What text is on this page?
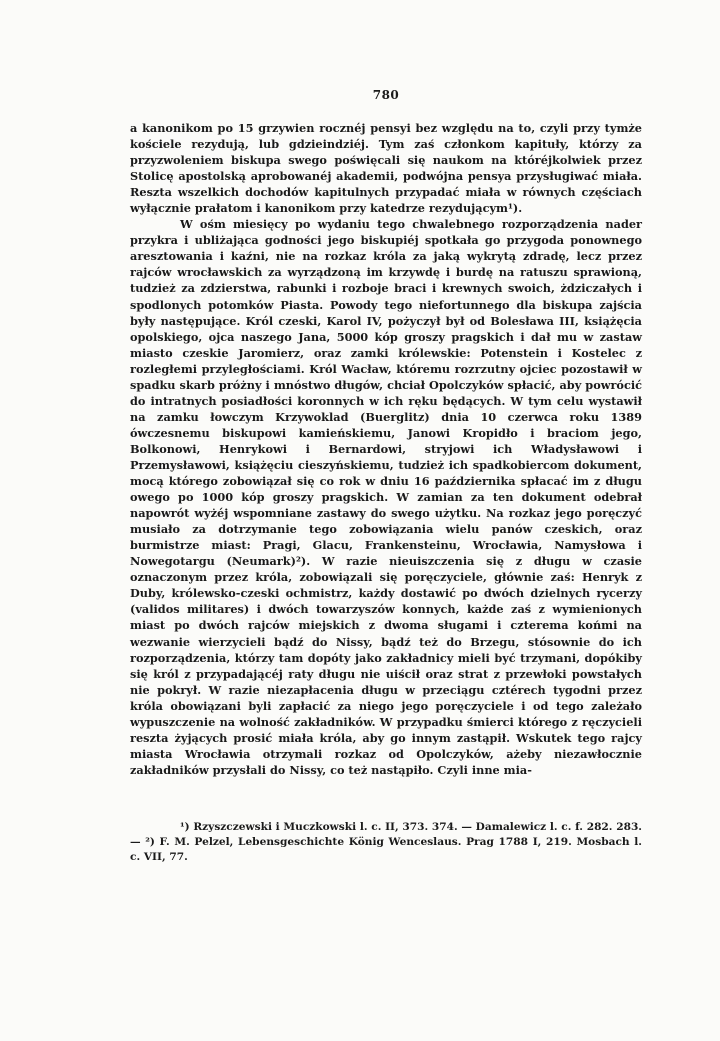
780

a kanonikom po 15 grzywien rocznéj pensyi bez względu na to, czyli przy tymże kościele rezydują, lub gdzieindziéj. Tym zaś członkom kapituły, którzy za przyzwoleniem biskupa swego poświęcali się naukom na któréjkolwiek przez Stolicę apostolską aprobowanéj akademii, podwójna pensya przysługiwać miała. Reszta wszelkich dochodów kapitulnych przypadać miała w równych częściach wyłącznie prałatom i kanonikom przy katedrze rezydującym¹).

W ośm miesięcy po wydaniu tego chwalebnego rozporządzenia nader przykra i ubliżająca godności jego biskupiéj spotkała go przygoda ponownego aresztowania i kaźni, nie na rozkaz króla za jaką wykrytą zdradę, lecz przez rajców wrocławskich za wyrządzoną im krzywdę i burdę na ratuszu sprawioną, tudzież za zdzierstwa, rabunki i rozboje braci i krewnych swoich, żdziczałych i spodlonych potomków Piasta. Powody tego niefortunnego dla biskupa zajścia były następujące. Król czeski, Karol IV, pożyczył był od Bolesława III, książęcia opolskiego, ojca naszego Jana, 5000 kóp groszy pragskich i dał mu w zastaw miasto czeskie Jaromierz, oraz zamki królewskie: Potenstein i Kostelec z rozległemi przyległościami. Król Wacław, któremu rozrzutny ojciec pozostawił w spadku skarb próżny i mnóstwo długów, chciał Opolczyków spłacić, aby powrócić do intratnych posiadłości koronnych w ich ręku będących. W tym celu wystawił na zamku łowczym Krzywoklad (Buerglitz) dnia 10 czerwca roku 1389 ówczesnemu biskupowi kamieńskiemu, Janowi Kropidło i braciom jego, Bolkonowi, Henrykowi i Bernardowi, stryjowi ich Władysławowi i Przemysławowi, książęciu cieszyńskiemu, tudzież ich spadkobiercom dokument, mocą którego zobowiązał się co rok w dniu 16 października spłacać im z długu owego po 1000 kóp groszy pragskich. W zamian za ten dokument odebrał napowrót wyżéj wspomniane zastawy do swego użytku. Na rozkaz jego poręczyć musiało za dotrzymanie tego zobowiązania wielu panów czeskich, oraz burmistrze miast: Pragi, Glacu, Frankensteinu, Wrocławia, Namysłowa i Nowegotargu (Neumark)²). W razie nieuiszczenia się z długu w czasie oznaczonym przez króla, zobowiązali się poręczyciele, głównie zaś: Henryk z Duby, królewsko-czeski ochmistrz, każdy dostawić po dwóch dzielnych rycerzy (validos militares) i dwóch towarzyszów konnych, każde zaś z wymienionych miast po dwóch rajców miejskich z dwoma sługami i czterema końmi na wezwanie wierzycieli bądź do Nissy, bądź też do Brzegu, stósownie do ich rozporządzenia, którzy tam dopóty jako zakładnicy mieli być trzymani, dopókiby się król z przypadającéj raty długu nie uiścił oraz strat z przewłoki powstałych nie pokrył. W razie niezapłacenia długu w przeciągu cztérech tygodni przez króla obowiązani byli zapłacić za niego jego poręczyciele i od tego zależało wypuszczenie na wolność zakładników. W przypadku śmierci którego z ręczycieli reszta żyjących prosić miała króla, aby go innym zastąpił. Wskutek tego rajcy miasta Wrocławia otrzymali rozkaz od Opolczyków, ażeby niezawłocznie zakładników przysłali do Nissy, co też nastąpiło. Czyli inne mia-

¹) Rzyszczewski i Muczkowski l. c. II, 373. 374. — Damalewicz l. c. f. 282. 283. — ²) F. M. Pelzel, Lebensgeschichte König Wenceslaus. Prag 1788 I, 219. Mosbach l. c. VII, 77.
